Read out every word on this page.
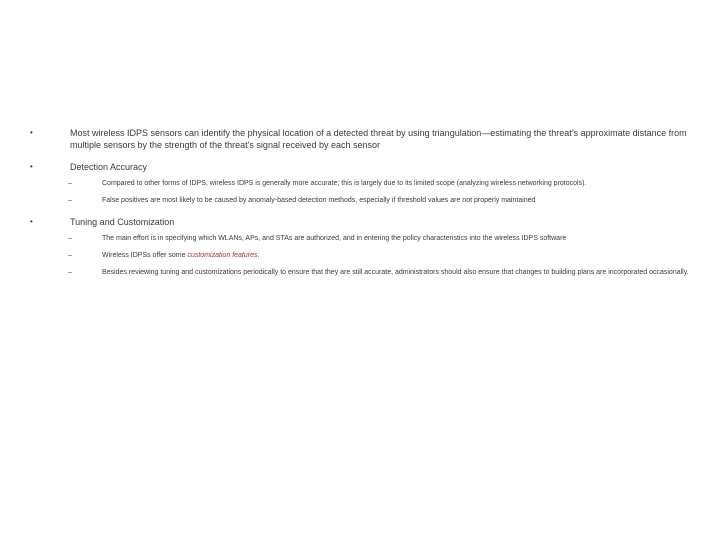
•	Most wireless IDPS sensors can identify the physical location of a detected threat by using triangulation—estimating the threat’s approximate distance from multiple sensors by the strength of the threat’s signal received by each sensor
•	Detection Accuracy
–	Compared to other forms of IDPS, wireless IDPS is generally more accurate; this is largely due to its limited scope (analyzing wireless networking protocols).
–	False positives are most likely to be caused by anomaly-based detection methods, especially if threshold values are not properly maintained
•	Tuning and Customization
–	The main effort is in specifying which WLANs, APs, and STAs are authorized, and in entering the policy characteristics into the wireless IDPS software
–	Wireless IDPSs offer some customization features.
–	Besides reviewing tuning and customizations periodically to ensure that they are still accurate, administrators should also ensure that changes to building plans are incorporated occasionally.
